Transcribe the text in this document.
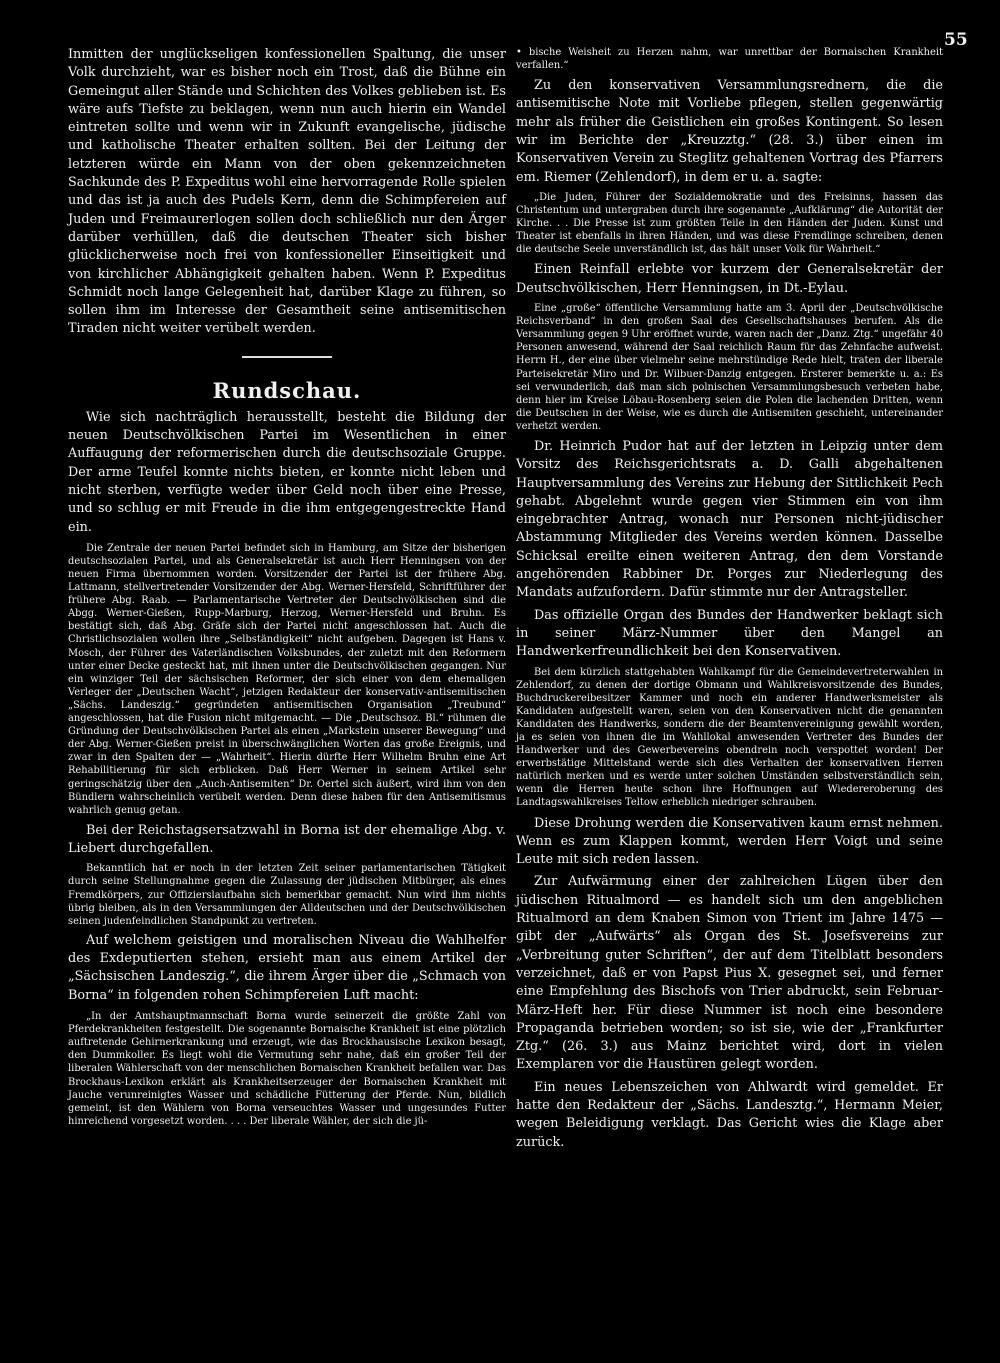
55

Inmitten der unglückseligen konfessionellen Spaltung, die unser Volk durchzieht, war es bisher noch ein Trost, daß die Bühne ein Gemeingut aller Stände und Schichten des Volkes geblieben ist. Es wäre aufs Tiefste zu beklagen, wenn nun auch hierin ein Wandel eintreten sollte und wenn wir in Zukunft evangelische, jüdische und katholische Theater erhalten sollten. Bei der Leitung der letzteren würde ein Mann von der oben gekennzeichneten Sachkunde des P. Expeditus wohl eine hervorragende Rolle spielen und das ist ja auch des Pudels Kern, denn die Schimpfereien auf Juden und Freimaurerlogen sollen doch schließlich nur den Ärger darüber verhüllen, daß die deutschen Theater sich bisher glücklicherweise noch frei von konfessioneller Einseitigkeit und von kirchlicher Abhängigkeit gehalten haben. Wenn P. Expeditus Schmidt noch lange Gelegenheit hat, darüber Klage zu führen, so sollen ihm im Interesse der Gesamtheit seine antisemitischen Tiraden nicht weiter verübelt werden.

Rundschau.

Wie sich nachträglich herausstellt, besteht die Bildung der neuen Deutschvölkischen Partei im Wesentlichen in einer Auffaugung der reformerischen durch die deutschsoziale Gruppe. Der arme Teufel konnte nichts bieten, er konnte nicht leben und nicht sterben, verfügte weder über Geld noch über eine Presse, und so schlug er mit Freude in die ihm entgegengestreckte Hand ein.

Die Zentrale der neuen Partei befindet sich in Hamburg, am Sitze der bisherigen deutschsozialen Partei, und als Generalsekretär ist auch Herr Henningsen von der neuen Firma übernommen worden. Vorsitzender der Partei ist der frühere Abg. Lattmann, stellvertretender Vorsitzender der Abg. Werner-Hersfeld, Schriftführer der frühere Abg. Raab. — Parlamentarische Vertreter der Deutschvölkischen sind die Abgg. Werner-Gießen, Rupp-Marburg, Herzog, Werner-Hersfeld und Bruhn. Es bestätigt sich, daß Abg. Gräfe sich der Partei nicht angeschlossen hat. Auch die Christlichsozialen wollen ihre „Selbständigkeit“ nicht aufgeben. Dagegen ist Hans v. Mosch, der Führer des Vaterländischen Volksbundes, der zuletzt mit den Reformern unter einer Decke gesteckt hat, mit ihnen unter die Deutschvölkischen gegangen. Nur ein winziger Teil der sächsischen Reformer, der sich einer von dem ehemaligen Verleger der „Deutschen Wacht“, jetzigen Redakteur der konservativ-antisemitischen „Sächs. Landeszig.“ gegründeten antisemitischen Organisation „Treubund“ angeschlossen, hat die Fusion nicht mitgemacht. — Die „Deutschsoz. Bl.“ rühmen die Gründung der Deutschvölkischen Partei als einen „Markstein unserer Bewegung“ und der Abg. Werner-Gießen preist in überschwänglichen Worten das große Ereignis, und zwar in den Spalten der — „Wahrheit“. Hierin dürfte Herr Wilhelm Bruhn eine Art Rehabilitierung für sich erblicken. Daß Herr Werner in seinem Artikel sehr geringschätzig über den „Auch-Antisemiten“ Dr. Oertel sich äußert, wird ihm von den Bündlern wahrscheinlich verübelt werden. Denn diese haben für den Antisemitismus wahrlich genug getan.

Bei der Reichstagsersatzwahl in Borna ist der ehemalige Abg. v. Liebert durchgefallen.

Bekanntlich hat er noch in der letzten Zeit seiner parlamentarischen Tätigkeit durch seine Stellungnahme gegen die Zulassung der jüdischen Mitbürger, als eines Fremdkörpers, zur Offizierslaufbahn sich bemerkbar gemacht. Nun wird ihm nichts übrig bleiben, als in den Versammlungen der Alldeutschen und der Deutschvölkischen seinen judenfeindlichen Standpunkt zu vertreten.

Auf welchem geistigen und moralischen Niveau die Wahlhelfer des Exdeputierten stehen, ersieht man aus einem Artikel der „Sächsischen Landeszig.“, die ihrem Ärger über die „Schmach von Borna“ in folgenden rohen Schimpfereien Luft macht:

„In der Amtshauptmannschaft Borna wurde seinerzeit die größte Zahl von Pferdekrankheiten festgestellt. Die sogenannte Bornaische Krankheit ist eine plötzlich auftretende Gehirnerkrankung und erzeugt, wie das Brockhausische Lexikon besagt, den Dummkoller. Es liegt wohl die Vermutung sehr nahe, daß ein großer Teil der liberalen Wählerschaft von der menschlichen Bornaischen Krankheit befallen war. Das Brockhaus-Lexikon erklärt als Krankheitserzeuger der Bornaischen Krankheit mit Jauche verunreinigtes Wasser und schädliche Fütterung der Pferde. Nun, bildlich gemeint, ist den Wählern von Borna verseuchtes Wasser und ungesundes Futter hinreichend vorgesetzt worden. . . . Der liberale Wähler, der sich die jü-

• bische Weisheit zu Herzen nahm, war unrettbar der Bornaischen Krankheit verfallen.“

Zu den konservativen Versammlungsrednern, die die antisemitische Note mit Vorliebe pflegen, stellen gegenwärtig mehr als früher die Geistlichen ein großes Kontingent. So lesen wir im Berichte der „Kreuzztg.“ (28. 3.) über einen im Konservativen Verein zu Steglitz gehaltenen Vortrag des Pfarrers em. Riemer (Zehlendorf), in dem er u. a. sagte:

„Die Juden, Führer der Sozialdemokratie und des Freisinns, hassen das Christentum und untergraben durch ihre sogenannte „Aufklärung“ die Autorität der Kirche. . . Die Presse ist zum größten Teile in den Händen der Juden. Kunst und Theater ist ebenfalls in ihren Händen, und was diese Fremdlinge schreiben, denen die deutsche Seele unverständlich ist, das hält unser Volk für Wahrheit.“

Einen Reinfall erlebte vor kurzem der Generalsekretär der Deutschvölkischen, Herr Henningsen, in Dt.-Eylau.

Eine „große“ öffentliche Versammlung hatte am 3. April der „Deutschvölkische Reichsverband“ in den großen Saal des Gesellschaftshauses berufen. Als die Versammlung gegen 9 Uhr eröffnet wurde, waren nach der „Danz. Ztg.“ ungefähr 40 Personen anwesend, während der Saal reichlich Raum für das Zehnfache aufweist. Herrn H., der eine über vielmehr seine mehrstündige Rede hielt, traten der liberale Parteisekretär Miro und Dr. Wilbuer-Danzig entgegen. Ersterer bemerkte u. a.: Es sei verwunderlich, daß man sich polnischen Versammlungsbesuch verbeten habe, denn hier im Kreise Löbau-Rosenberg seien die Polen die lachenden Dritten, wenn die Deutschen in der Weise, wie es durch die Antisemiten geschieht, untereinander verhetzt werden.

Dr. Heinrich Pudor hat auf der letzten in Leipzig unter dem Vorsitz des Reichsgerichtsrats a. D. Galli abgehaltenen Hauptversammlung des Vereins zur Hebung der Sittlichkeit Pech gehabt. Abgelehnt wurde gegen vier Stimmen ein von ihm eingebrachter Antrag, wonach nur Personen nicht-jüdischer Abstammung Mitglieder des Vereins werden können. Dasselbe Schicksal ereilte einen weiteren Antrag, den dem Vorstande angehörenden Rabbiner Dr. Porges zur Niederlegung des Mandats aufzufordern. Dafür stimmte nur der Antragsteller.

Das offizielle Organ des Bundes der Handwerker beklagt sich in seiner März-Nummer über den Mangel an Handwerkerfreundlichkeit bei den Konservativen.

Bei dem kürzlich stattgehabten Wahlkampf für die Gemeindevertreterwahlen in Zehlendorf, zu denen der dortige Obmann und Wahlkreisvorsitzende des Bundes, Buchdruckereibesitzer Kammer und noch ein anderer Handwerksmeister als Kandidaten aufgestellt waren, seien von den Konservativen nicht die genannten Kandidaten des Handwerks, sondern die der Beamtenvereinigung gewählt worden, ja es seien von ihnen die im Wahllokal anwesenden Vertreter des Bundes der Handwerker und des Gewerbevereins obendrein noch verspottet worden! Der erwerbstätige Mittelstand werde sich dies Verhalten der konservativen Herren natürlich merken und es werde unter solchen Umständen selbstverständlich sein, wenn die Herren heute schon ihre Hoffnungen auf Wiedereroberung des Landtagswahlkreises Teltow erheblich niedriger schrauben.

Diese Drohung werden die Konservativen kaum ernst nehmen. Wenn es zum Klappen kommt, werden Herr Voigt und seine Leute mit sich reden lassen.

Zur Aufwärmung einer der zahlreichen Lügen über den jüdischen Ritualmord — es handelt sich um den angeblichen Ritualmord an dem Knaben Simon von Trient im Jahre 1475 — gibt der „Aufwärts“ als Organ des St. Josefsvereins zur „Verbreitung guter Schriften“, der auf dem Titelblatt besonders verzeichnet, daß er von Papst Pius X. gesegnet sei, und ferner eine Empfehlung des Bischofs von Trier abdruckt, sein Februar-März-Heft her. Für diese Nummer ist noch eine besondere Propaganda betrieben worden; so ist sie, wie der „Frankfurter Ztg.“ (26. 3.) aus Mainz berichtet wird, dort in vielen Exemplaren vor die Haustüren gelegt worden.

Ein neues Lebenszeichen von Ahlwardt wird gemeldet. Er hatte den Redakteur der „Sächs. Landesztg.“, Hermann Meier, wegen Beleidigung verklagt. Das Gericht wies die Klage aber zurück.
